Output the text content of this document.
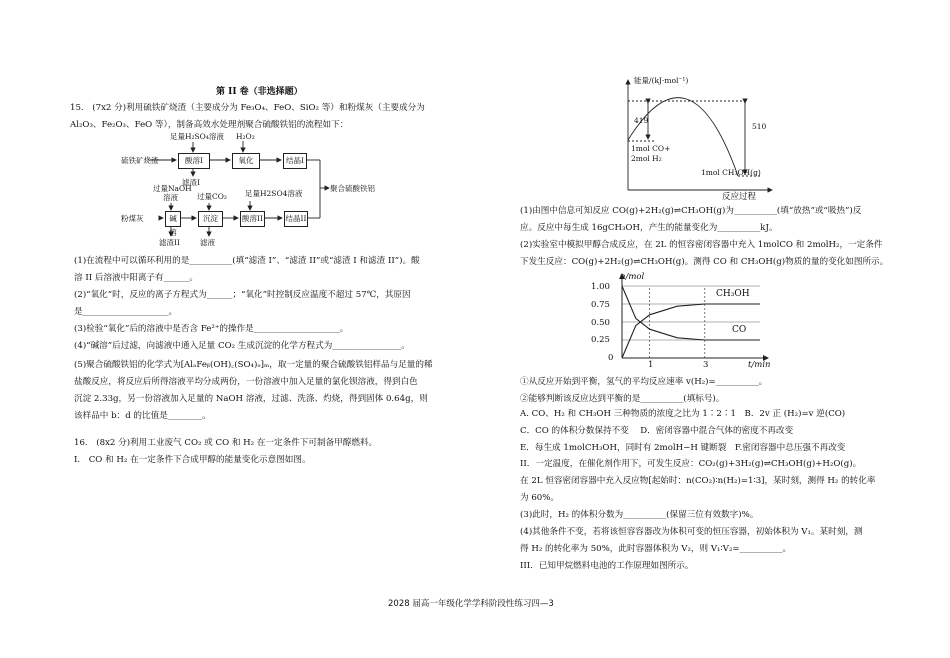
第 II 卷（非选择题）
15.　(7x2 分)利用硫铁矿烧渣（主要成分为 Fe₃O₄、FeO、SiO₂ 等）和粉煤灰（主要成分为
Al₂O₃、Fe₂O₃、FeO 等），制备高效水处理剂聚合硫酸铁铝的流程如下：
硫铁矿烧渣
粉煤灰
足量H₂SO₄溶液 H₂O₂
过量NaOH
溶液	过量CO₂ 足量H2SO4溶液
酸溶I	氧化	结晶I
碱溶
沉淀	酸溶II	结晶II
滤渣I
滤渣II	滤液
聚合硫酸铁铝
(1)在流程中可以循环利用的是__________(填“滤渣 I”、“滤渣 II”或“滤渣 I 和滤渣 II”)。酸
溶 II 后溶液中阳离子有______。
(2)“氧化”时，反应的离子方程式为______；“氧化”时控制反应温度不超过 57℃，其原因
是____________________。
(3)检验“氧化”后的溶液中是否含 Fe²⁺的操作是____________________。
(4)“碱溶”后过滤，向滤液中通入足量 CO₂ 生成沉淀的化学方程式为________________。
(5)聚合硫酸铁铝的化学式为[AlₐFeᵦ(OH)꜀(SO₄)ₔ]ₘ，取一定量的聚合硫酸铁铝样品与足量的稀
盐酸反应，将反应后所得溶液平均分成两份，一份溶液中加入足量的氯化钡溶液，得到白色
沉淀 2.33g，另一份溶液加入足量的 NaOH 溶液，过滤、洗涤、灼烧，得到固体 0.64g，则
该样品中 b：d 的比值是________。
16.　(8x2 分)利用工业废气 CO₂ 或 CO 和 H₂ 在一定条件下可制备甲醇燃料。
I.　CO 和 H₂ 在一定条件下合成甲醇的能量变化示意图如图。
能量/(kJ·mol⁻¹)
419
510
1mol CO+
2mol H₂
1mol CH₃OH(g)
反应过程
(1)由图中信息可知反应 CO(g)+2H₂(g)⇌CH₃OH(g)为__________(填“放热”或“吸热”)反
应。反应中每生成 16gCH₃OH，产生的能量变化为__________kJ。
(2)实验室中模拟甲醇合成反应，在 2L 的恒容密闭容器中充入 1molCO 和 2molH₂，一定条件
下发生反应：CO(g)+2H₂(g)⇌CH₃OH(g)。测得 CO 和 CH₃OH(g)物质的量的变化如图所示。
n/mol
t/min
1.00
0.75
0.50
0.25
0
1	3
CH₃OH
CO
①从反应开始到平衡，氢气的平均反应速率 v(H₂)=__________。
②能够判断该反应达到平衡的是__________(填标号)。
A. CO、H₂ 和 CH₃OH 三种物质的浓度之比为 1∶2∶1　B．2v 正 (H₂)=v 逆(CO)
C．CO 的体积分数保持不变　 D．密闭容器中混合气体的密度不再改变
E．每生成 1molCH₃OH，同时有 2molH−H 键断裂　F.密闭容器中总压强不再改变
II．一定温度，在催化剂作用下，可发生反应：CO₂(g)+3H₂(g)⇌CH₃OH(g)+H₂O(g)。
在 2L 恒容密闭容器中充入反应物[起始时：n(CO₂)∶n(H₂)=1∶3]，某时刻，测得 H₂ 的转化率
为 60%。
(3)此时，H₂ 的体积分数为__________(保留三位有效数字)%。
(4)其他条件不变，若将该恒容容器改为体积可变的恒压容器，初始体积为 V₁。某时刻，测
得 H₂ 的转化率为 50%，此时容器体积为 V₂，则 V₁∶V₂=__________。
III．已知甲烷燃料电池的工作原理如图所示。
2028 届高一年级化学学科阶段性练习四—3
